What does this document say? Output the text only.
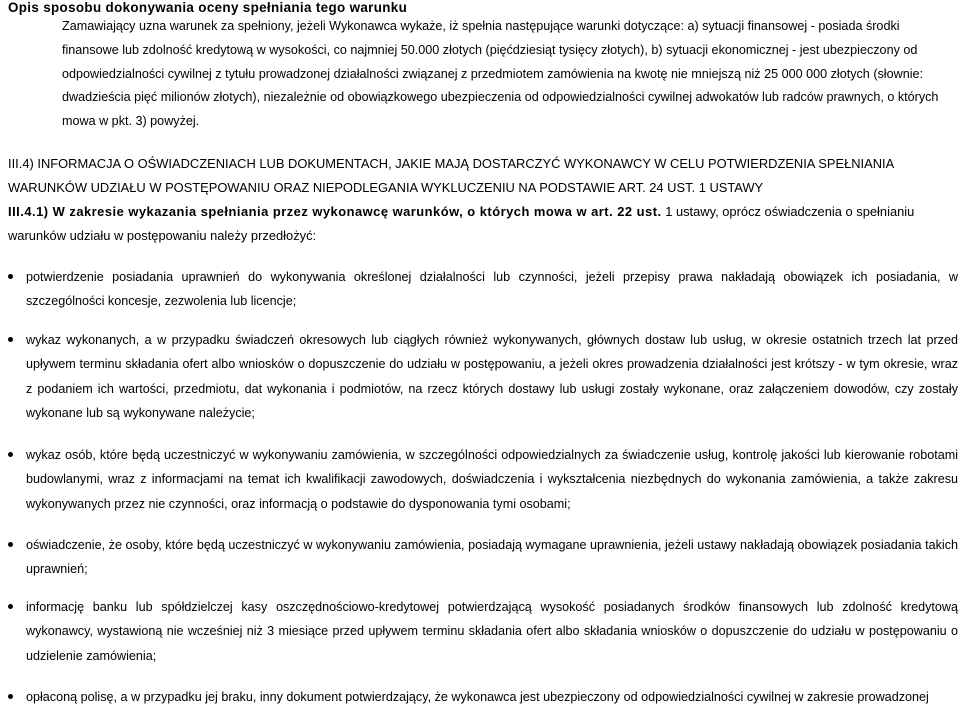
Opis sposobu dokonywania oceny spełniania tego warunku
Zamawiający uzna warunek za spełniony, jeżeli Wykonawca wykaże, iż spełnia następujące warunki dotyczące: a) sytuacji finansowej - posiada środki finansowe lub zdolność kredytową w wysokości, co najmniej 50.000 złotych (pięćdziesiąt tysięcy złotych), b) sytuacji ekonomicznej - jest ubezpieczony od odpowiedzialności cywilnej z tytułu prowadzonej działalności związanej z przedmiotem zamówienia na kwotę nie mniejszą niż 25 000 000 złotych (słownie: dwadzieścia pięć milionów złotych), niezależnie od obowiązkowego ubezpieczenia od odpowiedzialności cywilnej adwokatów lub radców prawnych, o których mowa w pkt. 3) powyżej.
III.4) INFORMACJA O OŚWIADCZENIACH LUB DOKUMENTACH, JAKIE MAJĄ DOSTARCZYĆ WYKONAWCY W CELU POTWIERDZENIA SPEŁNIANIA WARUNKÓW UDZIAŁU W POSTĘPOWANIU ORAZ NIEPODLEGANIA WYKLUCZENIU NA PODSTAWIE ART. 24 UST. 1 USTAWY
III.4.1) W zakresie wykazania spełniania przez wykonawcę warunków, o których mowa w art. 22 ust. 1 ustawy, oprócz oświadczenia o spełnianiu warunków udziału w postępowaniu należy przedłożyć:
potwierdzenie posiadania uprawnień do wykonywania określonej działalności lub czynności, jeżeli przepisy prawa nakładają obowiązek ich posiadania, w szczególności koncesje, zezwolenia lub licencje;
wykaz wykonanych, a w przypadku świadczeń okresowych lub ciągłych również wykonywanych, głównych dostaw lub usług, w okresie ostatnich trzech lat przed upływem terminu składania ofert albo wniosków o dopuszczenie do udziału w postępowaniu, a jeżeli okres prowadzenia działalności jest krótszy - w tym okresie, wraz z podaniem ich wartości, przedmiotu, dat wykonania i podmiotów, na rzecz których dostawy lub usługi zostały wykonane, oraz załączeniem dowodów, czy zostały wykonane lub są wykonywane należycie;
wykaz osób, które będą uczestniczyć w wykonywaniu zamówienia, w szczególności odpowiedzialnych za świadczenie usług, kontrolę jakości lub kierowanie robotami budowlanymi, wraz z informacjami na temat ich kwalifikacji zawodowych, doświadczenia i wykształcenia niezbędnych do wykonania zamówienia, a także zakresu wykonywanych przez nie czynności, oraz informacją o podstawie do dysponowania tymi osobami;
oświadczenie, że osoby, które będą uczestniczyć w wykonywaniu zamówienia, posiadają wymagane uprawnienia, jeżeli ustawy nakładają obowiązek posiadania takich uprawnień;
informację banku lub spółdzielczej kasy oszczędnościowo-kredytowej potwierdzającą wysokość posiadanych środków finansowych lub zdolność kredytową wykonawcy, wystawioną nie wcześniej niż 3 miesiące przed upływem terminu składania ofert albo składania wniosków o dopuszczenie do udziału w postępowaniu o udzielenie zamówienia;
opłaconą polisę, a w przypadku jej braku, inny dokument potwierdzający, że wykonawca jest ubezpieczony od odpowiedzialności cywilnej w zakresie prowadzonej
